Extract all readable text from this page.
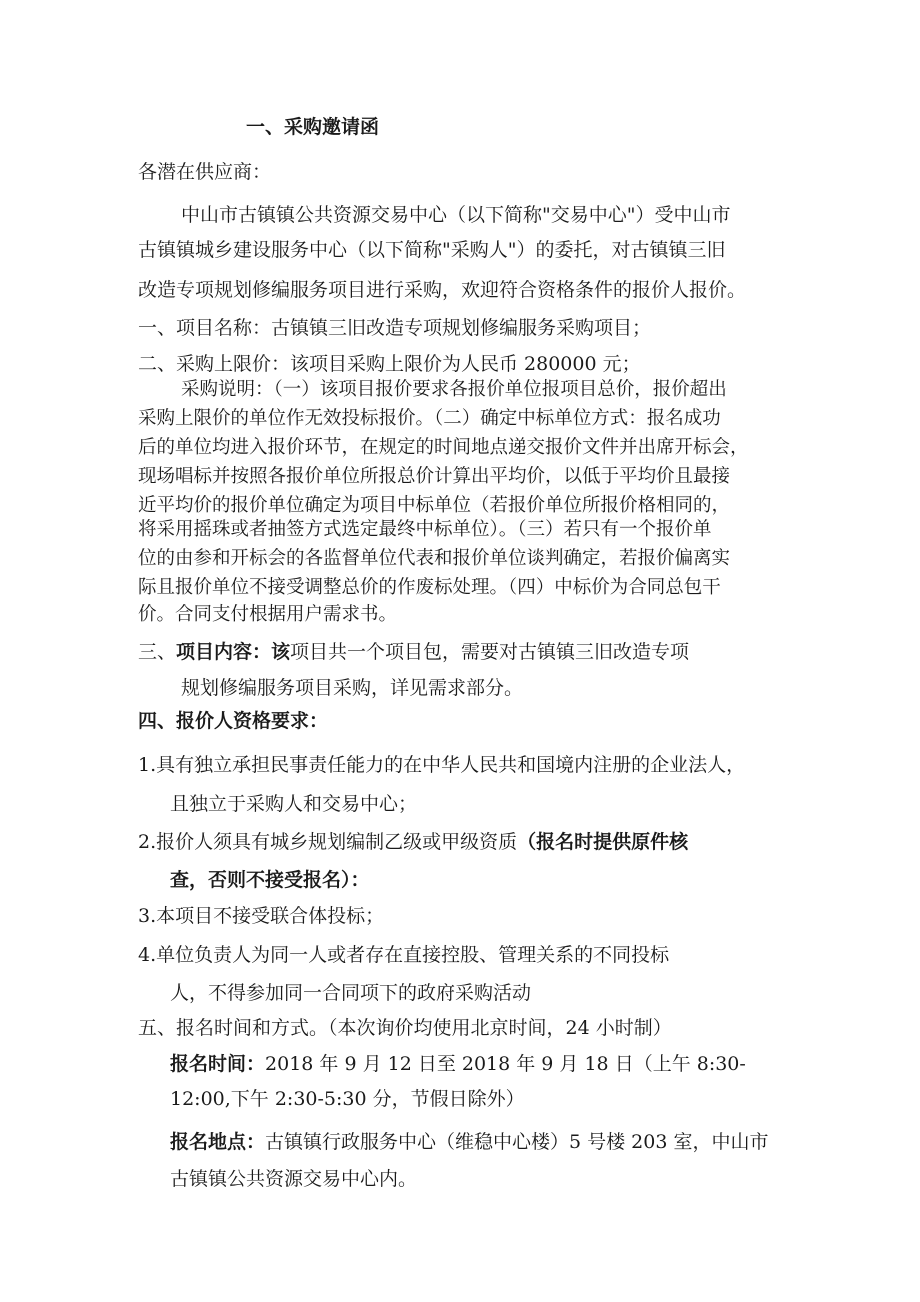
一、采购邀请函
各潜在供应商：
中山市古镇镇公共资源交易中心（以下简称"交易中心"）受中山市
古镇镇城乡建设服务中心（以下简称"采购人"）的委托，对古镇镇三旧
改造专项规划修编服务项目进行采购，欢迎符合资格条件的报价人报价。
一、项目名称：古镇镇三旧改造专项规划修编服务采购项目；
二、采购上限价：该项目采购上限价为人民币 280000 元；
采购说明：（一）该项目报价要求各报价单位报项目总价，报价超出
采购上限价的单位作无效投标报价。（二）确定中标单位方式：报名成功
后的单位均进入报价环节，在规定的时间地点递交报价文件并出席开标会，
现场唱标并按照各报价单位所报总价计算出平均价，以低于平均价且最接
近平均价的报价单位确定为项目中标单位（若报价单位所报价格相同的，
将采用摇珠或者抽签方式选定最终中标单位）。（三）若只有一个报价单
位的由参和开标会的各监督单位代表和报价单位谈判确定，若报价偏离实
际且报价单位不接受调整总价的作废标处理。（四）中标价为合同总包干
价。合同支付根据用户需求书。
三、项目内容：该项目共一个项目包，需要对古镇镇三旧改造专项
规划修编服务项目采购，详见需求部分。
四、报价人资格要求：
1.具有独立承担民事责任能力的在中华人民共和国境内注册的企业法人，
且独立于采购人和交易中心；
2.报价人须具有城乡规划编制乙级或甲级资质（报名时提供原件核
查，否则不接受报名）：
3.本项目不接受联合体投标；
4.单位负责人为同一人或者存在直接控股、管理关系的不同投标
人，不得参加同一合同项下的政府采购活动
五、报名时间和方式。（本次询价均使用北京时间，24 小时制）
报名时间：2018 年 9 月 12 日至 2018 年 9 月 18 日（上午 8:30-
12:00,下午 2:30-5:30 分，节假日除外）
报名地点：古镇镇行政服务中心（维稳中心楼）5 号楼 203 室，中山市
古镇镇公共资源交易中心内。
